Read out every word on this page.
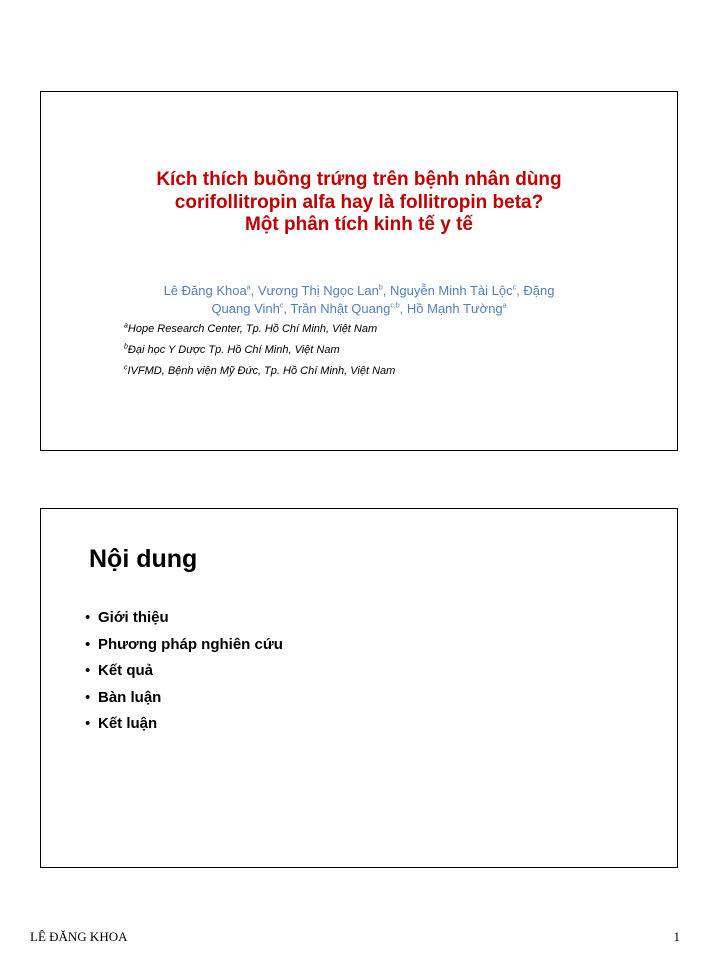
Kích thích buồng trứng trên bệnh nhân dùng
corifollitropin alfa hay là follitropin beta?
Một phân tích kinh tế y tế
Lê Đăng Khoa$^a$, Vương Thị Ngọc Lan$^b$, Nguyễn Minh Tài Lộc$^c$, Đặng
Quang Vinh$^c$, Trần Nhật Quang$^{c,b}$, Hồ Mạnh Tường$^a$
$^a$Hope Research Center, Tp. Hồ Chí Minh, Việt Nam
$^b$Đại học Y Dược Tp. Hồ Chí Minh, Việt Nam
$^c$IVFMD, Bệnh viện Mỹ Đức, Tp. Hồ Chí Minh, Việt Nam
Nội dung
• Giới thiệu
• Phương pháp nghiên cứu
• Kết quả
• Bàn luận
• Kết luận
LÊ ĐĂNG KHOA	1
